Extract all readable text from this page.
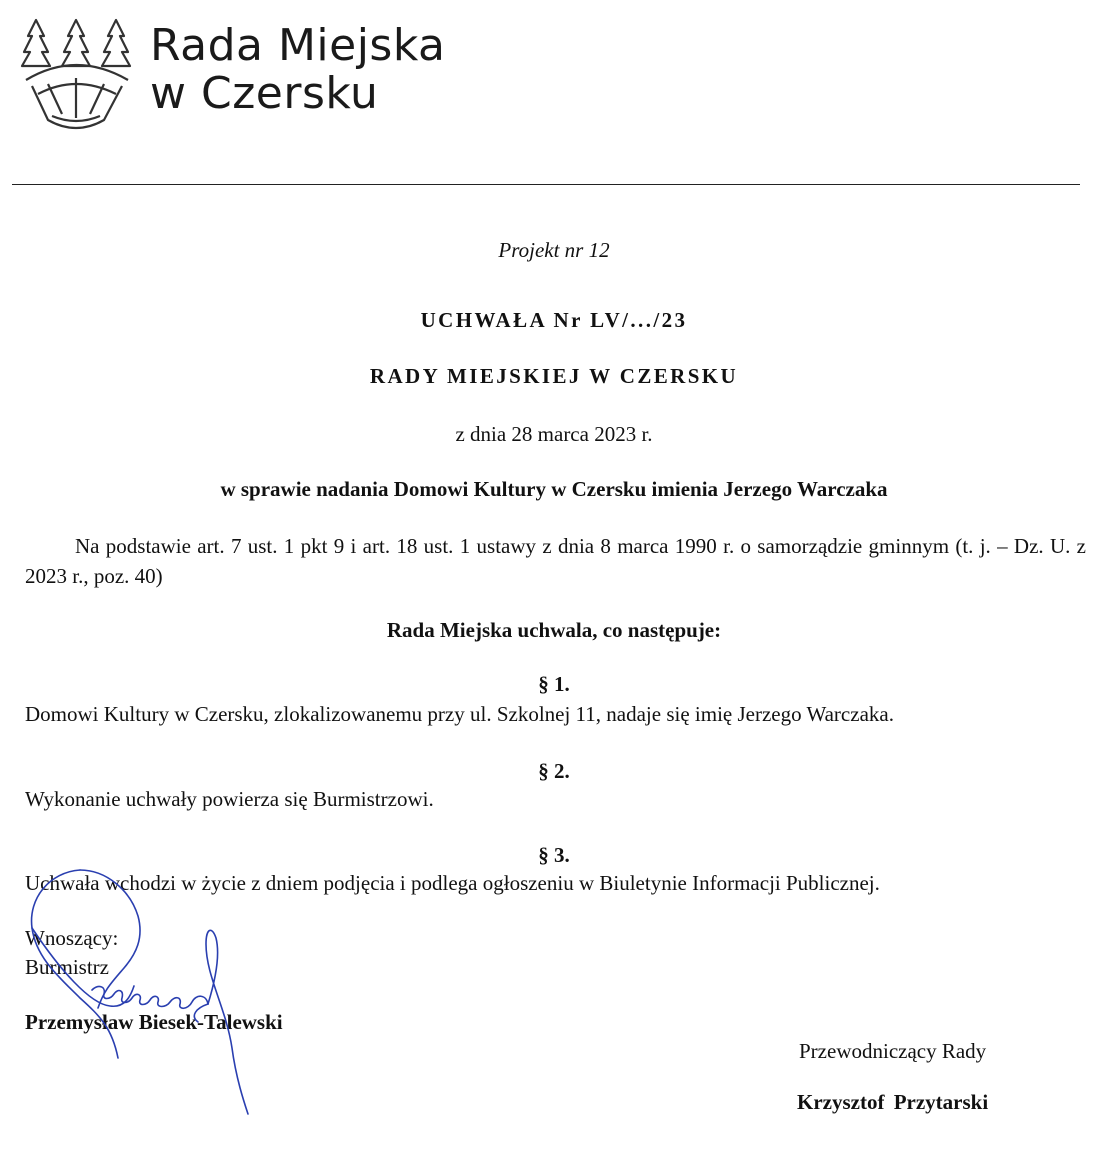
Rada Miejska
w Czersku
Projekt nr 12
UCHWAŁA Nr LV/.../23
RADY MIEJSKIEJ W CZERSKU
z dnia 28 marca 2023 r.
w sprawie nadania Domowi Kultury w Czersku imienia Jerzego Warczaka
Na podstawie art. 7 ust. 1 pkt 9 i art. 18 ust. 1 ustawy z dnia 8 marca 1990 r. o samorządzie gminnym (t. j. – Dz. U. z 2023 r., poz. 40)
Rada Miejska uchwala, co następuje:
§ 1.
Domowi Kultury w Czersku, zlokalizowanemu przy ul. Szkolnej 11, nadaje się imię Jerzego Warczaka.
§ 2.
Wykonanie uchwały powierza się Burmistrzowi.
§ 3.
Uchwała wchodzi w życie z dniem podjęcia i podlega ogłoszeniu w Biuletynie Informacji Publicznej.
Wnoszący:
Burmistrz
Przemysław Biesek-Talewski
Przewodniczący Rady
Krzysztof Przytarski
